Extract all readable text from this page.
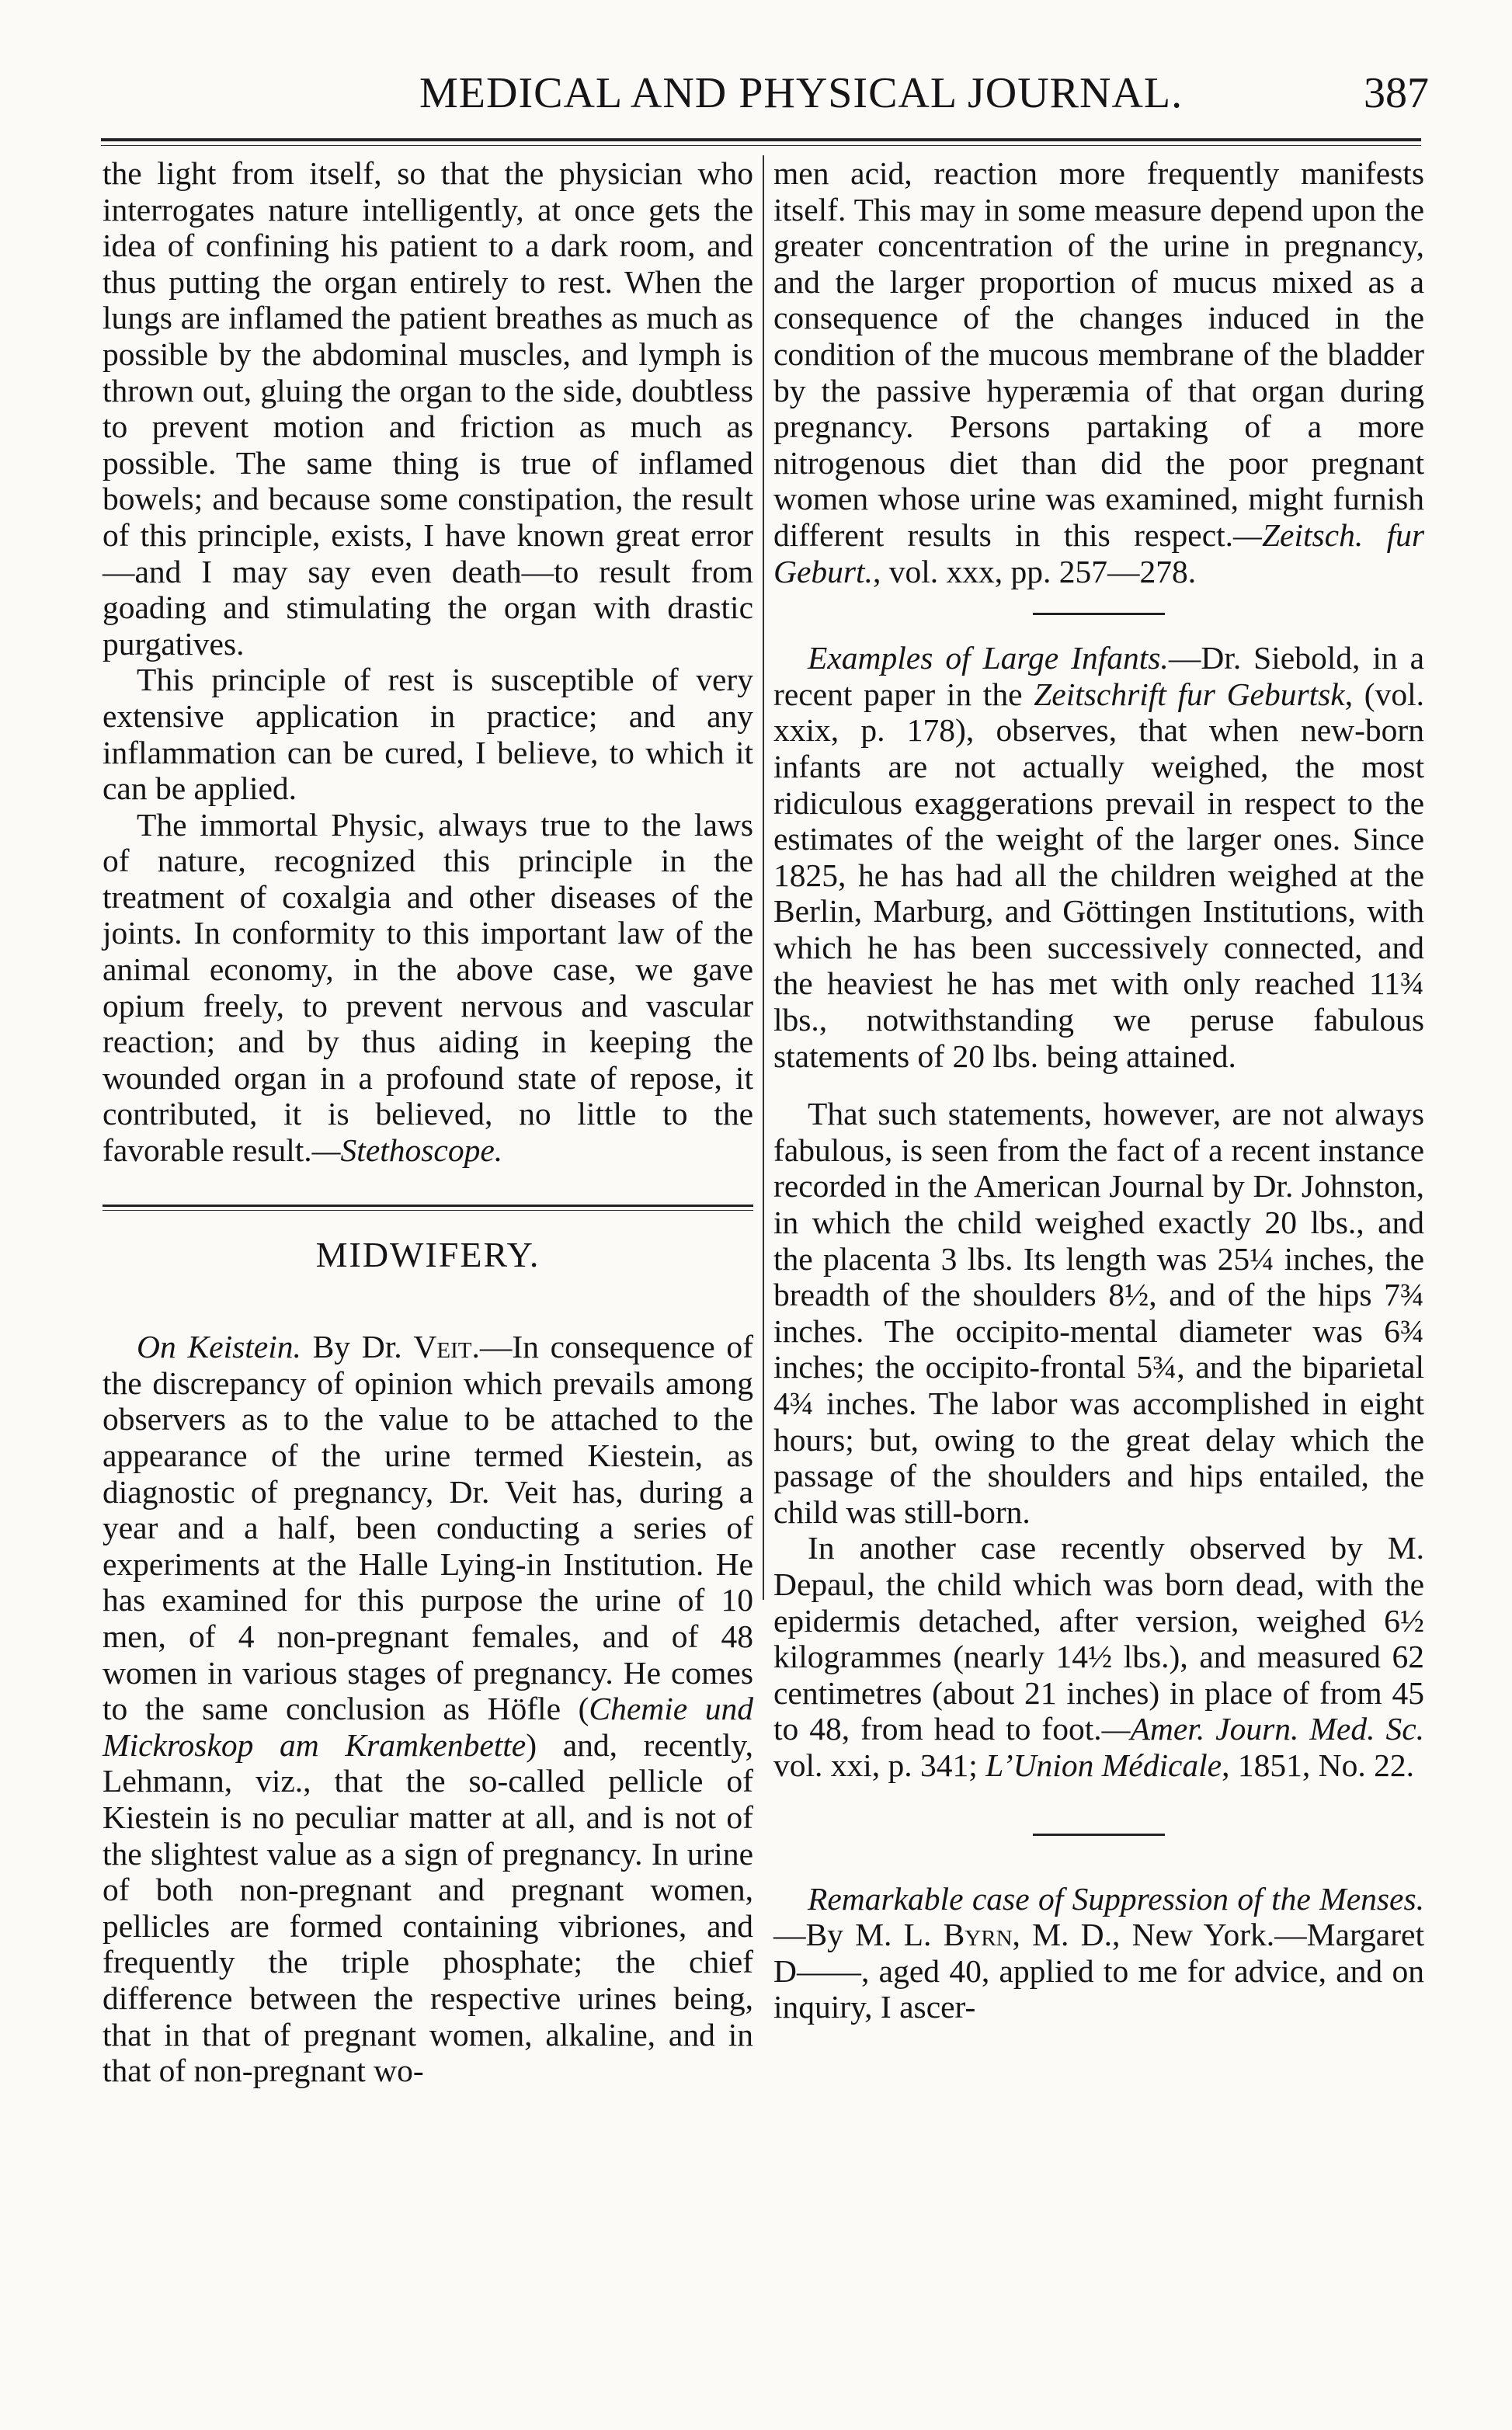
MEDICAL AND PHYSICAL JOURNAL.	387

the light from itself, so that the physician who interrogates nature intelligently, at once gets the idea of confining his patient to a dark room, and thus putting the organ entirely to rest. When the lungs are inflamed the patient breathes as much as possible by the abdominal muscles, and lymph is thrown out, gluing the organ to the side, doubtless to prevent motion and friction as much as possible. The same thing is true of inflamed bowels; and because some constipation, the result of this principle, exists, I have known great error—and I may say even death—to result from goading and stimulating the organ with drastic purgatives.

This principle of rest is susceptible of very extensive application in practice; and any inflammation can be cured, I believe, to which it can be applied.

The immortal Physic, always true to the laws of nature, recognized this principle in the treatment of coxalgia and other diseases of the joints. In conformity to this important law of the animal economy, in the above case, we gave opium freely, to prevent nervous and vascular reaction; and by thus aiding in keeping the wounded organ in a profound state of repose, it contributed, it is believed, no little to the favorable result.—Stethoscope.

MIDWIFERY.

On Keistein. By Dr. Veit.—In consequence of the discrepancy of opinion which prevails among observers as to the value to be attached to the appearance of the urine termed Kiestein, as diagnostic of pregnancy, Dr. Veit has, during a year and a half, been conducting a series of experiments at the Halle Lying-in Institution. He has examined for this purpose the urine of 10 men, of 4 non-pregnant females, and of 48 women in various stages of pregnancy. He comes to the same conclusion as Höfle (Chemie und Mickroskop am Kramkenbette) and, recently, Lehmann, viz., that the so-called pellicle of Kiestein is no peculiar matter at all, and is not of the slightest value as a sign of pregnancy. In urine of both non-pregnant and pregnant women, pellicles are formed containing vibriones, and frequently the triple phosphate; the chief difference between the respective urines being, that in that of pregnant women, alkaline, and in that of non-pregnant wo-

men acid, reaction more frequently manifests itself. This may in some measure depend upon the greater concentration of the urine in pregnancy, and the larger proportion of mucus mixed as a consequence of the changes induced in the condition of the mucous membrane of the bladder by the passive hyperæmia of that organ during pregnancy. Persons partaking of a more nitrogenous diet than did the poor pregnant women whose urine was examined, might furnish different results in this respect.—Zeitsch. fur Geburt., vol. xxx, pp. 257—278.

Examples of Large Infants.—Dr. Siebold, in a recent paper in the Zeitschrift fur Geburtsk, (vol. xxix, p. 178), observes, that when new-born infants are not actually weighed, the most ridiculous exaggerations prevail in respect to the estimates of the weight of the larger ones. Since 1825, he has had all the children weighed at the Berlin, Marburg, and Göttingen Institutions, with which he has been successively connected, and the heaviest he has met with only reached 11¾ lbs., notwithstanding we peruse fabulous statements of 20 lbs. being attained.

That such statements, however, are not always fabulous, is seen from the fact of a recent instance recorded in the American Journal by Dr. Johnston, in which the child weighed exactly 20 lbs., and the placenta 3 lbs. Its length was 25¼ inches, the breadth of the shoulders 8½, and of the hips 7¾ inches. The occipito-mental diameter was 6¾ inches; the occipito-frontal 5¾, and the biparietal 4¾ inches. The labor was accomplished in eight hours; but, owing to the great delay which the passage of the shoulders and hips entailed, the child was still-born.

In another case recently observed by M. Depaul, the child which was born dead, with the epidermis detached, after version, weighed 6½ kilogrammes (nearly 14½ lbs.), and measured 62 centimetres (about 21 inches) in place of from 45 to 48, from head to foot.—Amer. Journ. Med. Sc. vol. xxi, p. 341; L’Union Médicale, 1851, No. 22.

Remarkable case of Suppression of the Menses.—By M. L. Byrn, M. D., New York.—Margaret D——, aged 40, applied to me for advice, and on inquiry, I ascer-
